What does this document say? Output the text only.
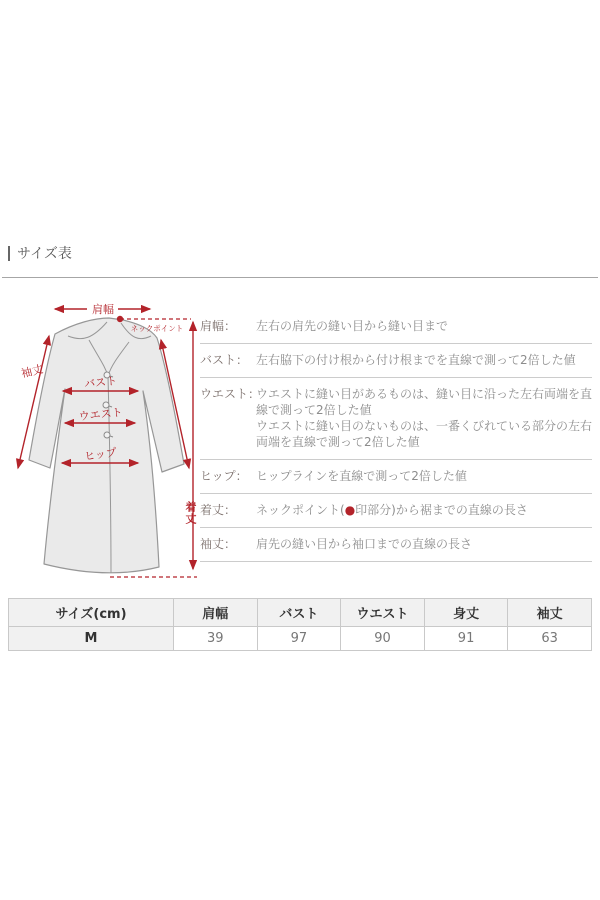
サイズ表
肩幅
ネックポイント
袖丈
バスト
ウエスト
ヒップ
着丈
肩幅：	左右の肩先の縫い目から縫い目まで
バスト： 左右脇下の付け根から付け根までを直線で測って2倍した値
ウエスト：
ウエストに縫い目があるものは、縫い目に沿った左右両端を直線で測って2倍した値
ウエストに縫い目のないものは、一番くびれている部分の左右両端を直線で測って2倍した値
ヒップ： ヒップラインを直線で測って2倍した値
着丈：	ネックポイント(●印部分)から裾までの直線の長さ
袖丈：	肩先の縫い目から袖口までの直線の長さ
サイズ(cm)	肩幅	バスト	ウエスト	身丈	袖丈
M	39	97	90	91	63
